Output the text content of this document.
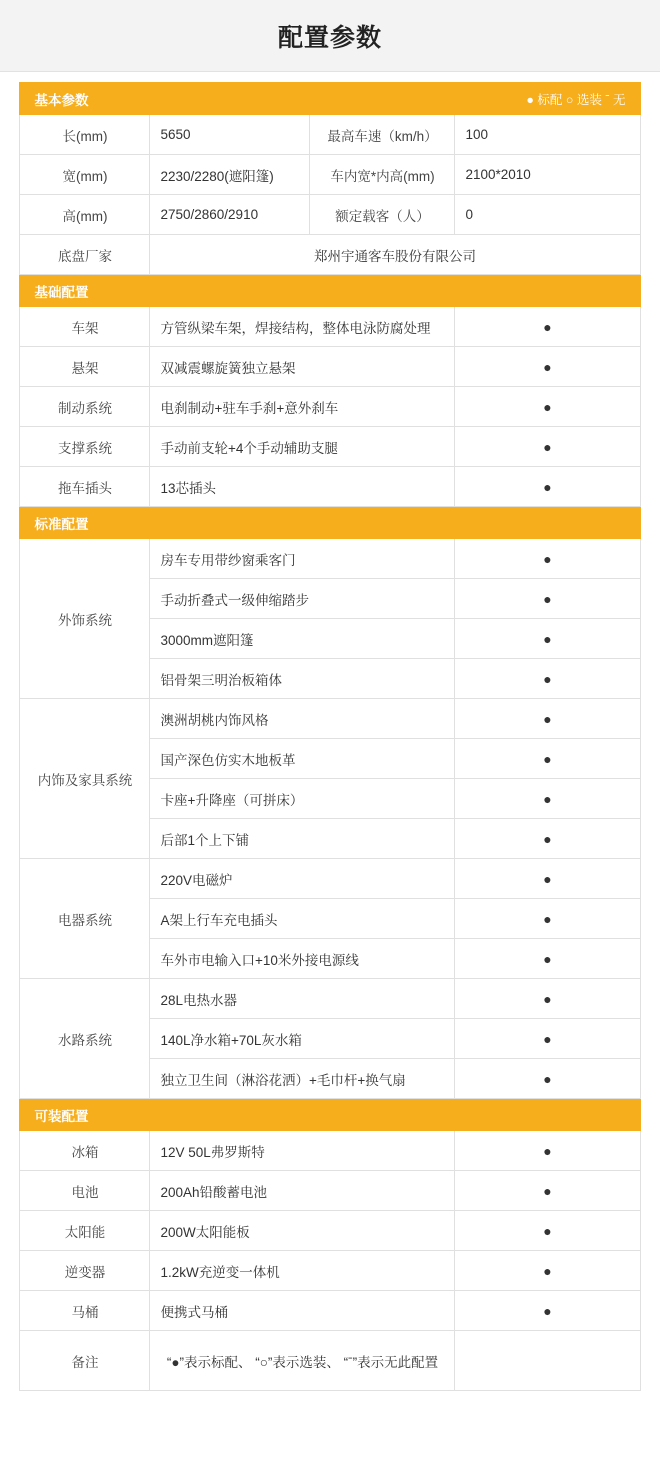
配置参数
基本参数 ● 标配 ○ 选装 ˉ 无			

长(mm)	5650	最高车速（km/h）	100
宽(mm)	2230/2280(遮阳篷)	车内宽*内高(mm)	2100*2010
高(mm)	2750/2860/2910	额定载客（人）	0
底盘厂家	郑州宇通客车股份有限公司		

基础配置			

车架	方管纵梁车架，焊接结构，整体电泳防腐处理		●
悬架	双减震螺旋簧独立悬架		●
制动系统	电刹制动+驻车手刹+意外刹车		●
支撑系统	手动前支轮+4个手动辅助支腿		●
拖车插头	13芯插头		●

标准配置			

外饰系统	房车专用带纱窗乘客门		●
	手动折叠式一级伸缩踏步		●
	3000mm遮阳篷		●
	铝骨架三明治板箱体		●
内饰及家具系统	澳洲胡桃内饰风格		●
	国产深色仿实木地板革		●
	卡座+升降座（可拼床）		●
	后部1个上下铺		●
电器系统	220V电磁炉		●
	A架上行车充电插头		●
	车外市电输入口+10米外接电源线		●
水路系统	28L电热水器		●
	140L净水箱+70L灰水箱		●
	独立卫生间（淋浴花洒）+毛巾杆+换气扇		●

可装配置			

冰箱	12V 50L弗罗斯特		●
电池	200Ah铅酸蓄电池		●
太阳能	200W太阳能板		●
逆变器	1.2kW充逆变一体机		●
马桶	便携式马桶		●
备注	“●”表示标配、 “○”表示选装、 “ˉ”表示无此配置		
